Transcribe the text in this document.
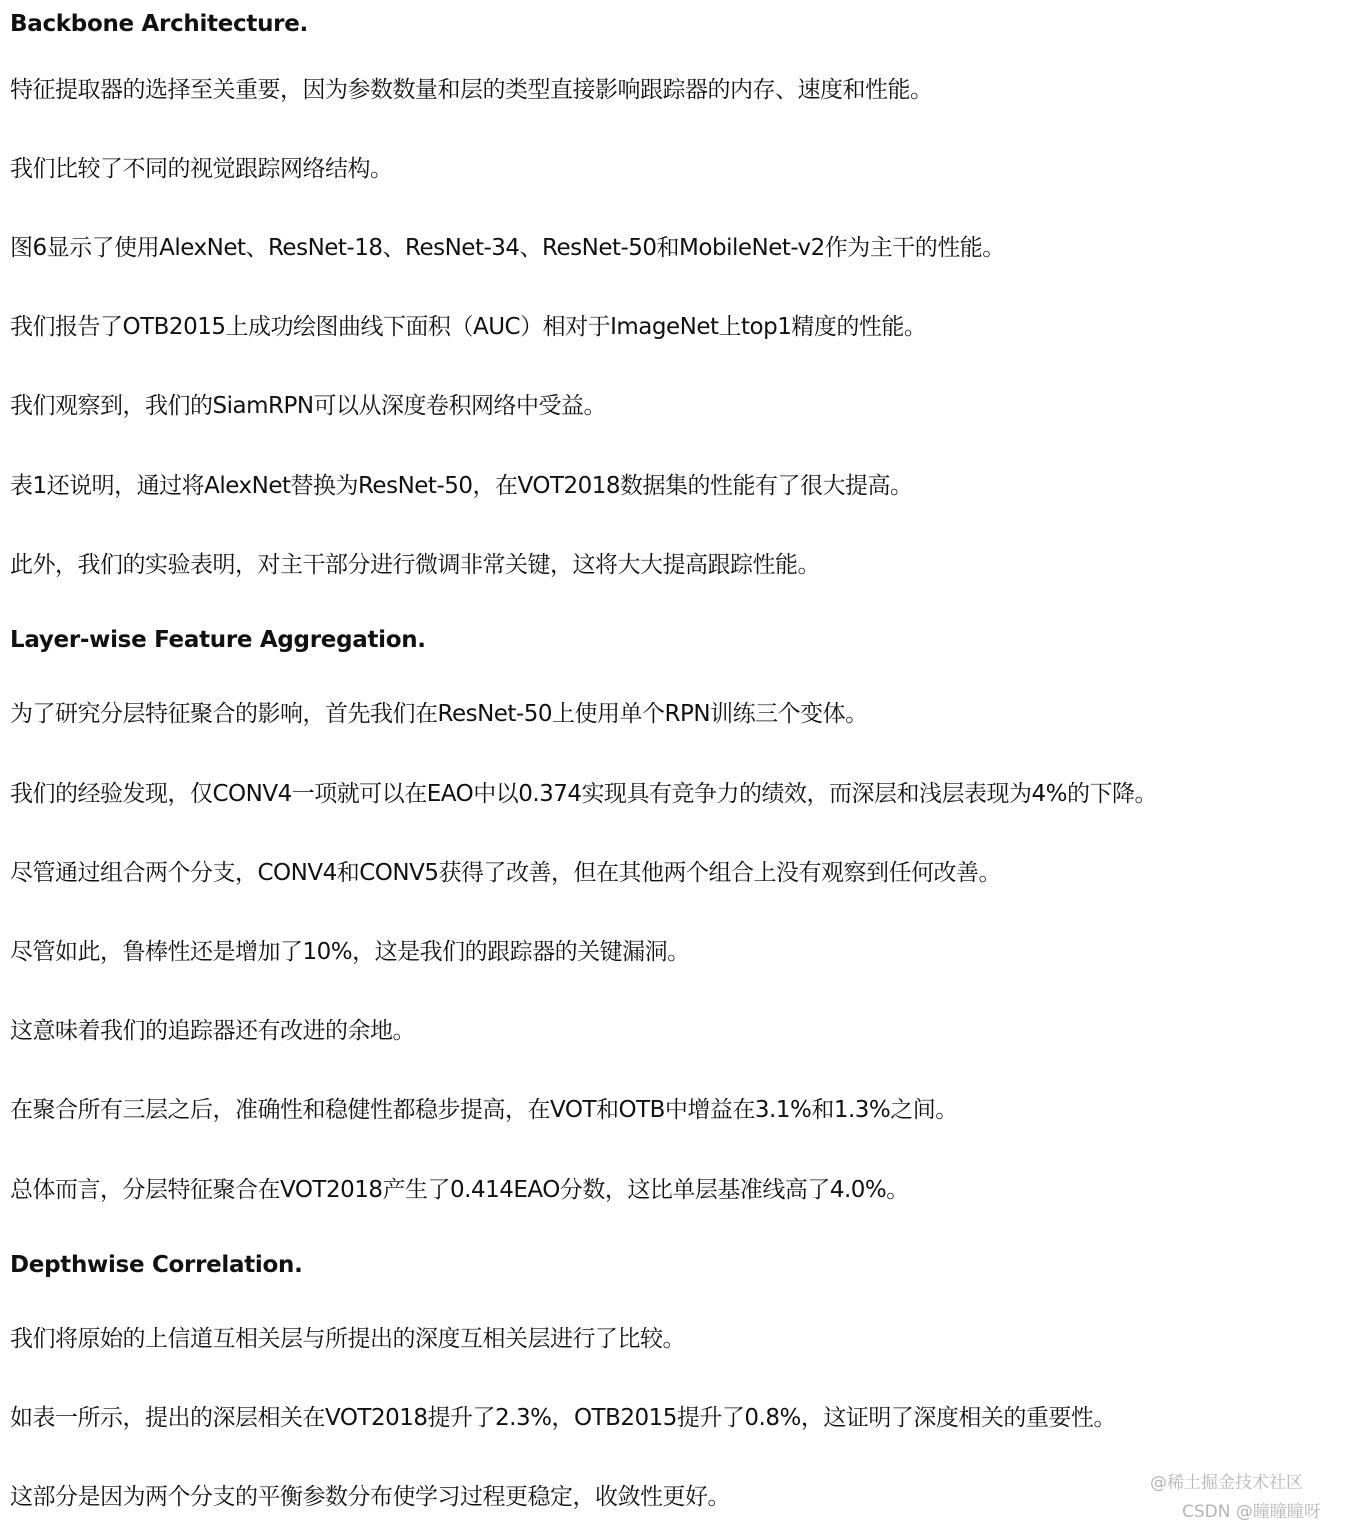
Backbone Architecture.
特征提取器的选择至关重要，因为参数数量和层的类型直接影响跟踪器的内存、速度和性能。
我们比较了不同的视觉跟踪网络结构。
图6显示了使用AlexNet、ResNet-18、ResNet-34、ResNet-50和MobileNet-v2作为主干的性能。
我们报告了OTB2015上成功绘图曲线下面积（AUC）相对于ImageNet上top1精度的性能。
我们观察到，我们的SiamRPN可以从深度卷积网络中受益。
表1还说明，通过将AlexNet替换为ResNet-50，在VOT2018数据集的性能有了很大提高。
此外，我们的实验表明，对主干部分进行微调非常关键，这将大大提高跟踪性能。
Layer-wise Feature Aggregation.
为了研究分层特征聚合的影响，首先我们在ResNet-50上使用单个RPN训练三个变体。
我们的经验发现，仅CONV4一项就可以在EAO中以0.374实现具有竞争力的绩效，而深层和浅层表现为4%的下降。
尽管通过组合两个分支，CONV4和CONV5获得了改善，但在其他两个组合上没有观察到任何改善。
尽管如此，鲁棒性还是增加了10%，这是我们的跟踪器的关键漏洞。
这意味着我们的追踪器还有改进的余地。
在聚合所有三层之后，准确性和稳健性都稳步提高，在VOT和OTB中增益在3.1%和1.3%之间。
总体而言，分层特征聚合在VOT2018产生了0.414EAO分数，这比单层基准线高了4.0%。
Depthwise Correlation.
我们将原始的上信道互相关层与所提出的深度互相关层进行了比较。
如表一所示，提出的深层相关在VOT2018提升了2.3%，OTB2015提升了0.8%，这证明了深度相关的重要性。
这部分是因为两个分支的平衡参数分布使学习过程更稳定，收敛性更好。
@稀土掘金技术社区
CSDN @瞳瞳瞳呀
